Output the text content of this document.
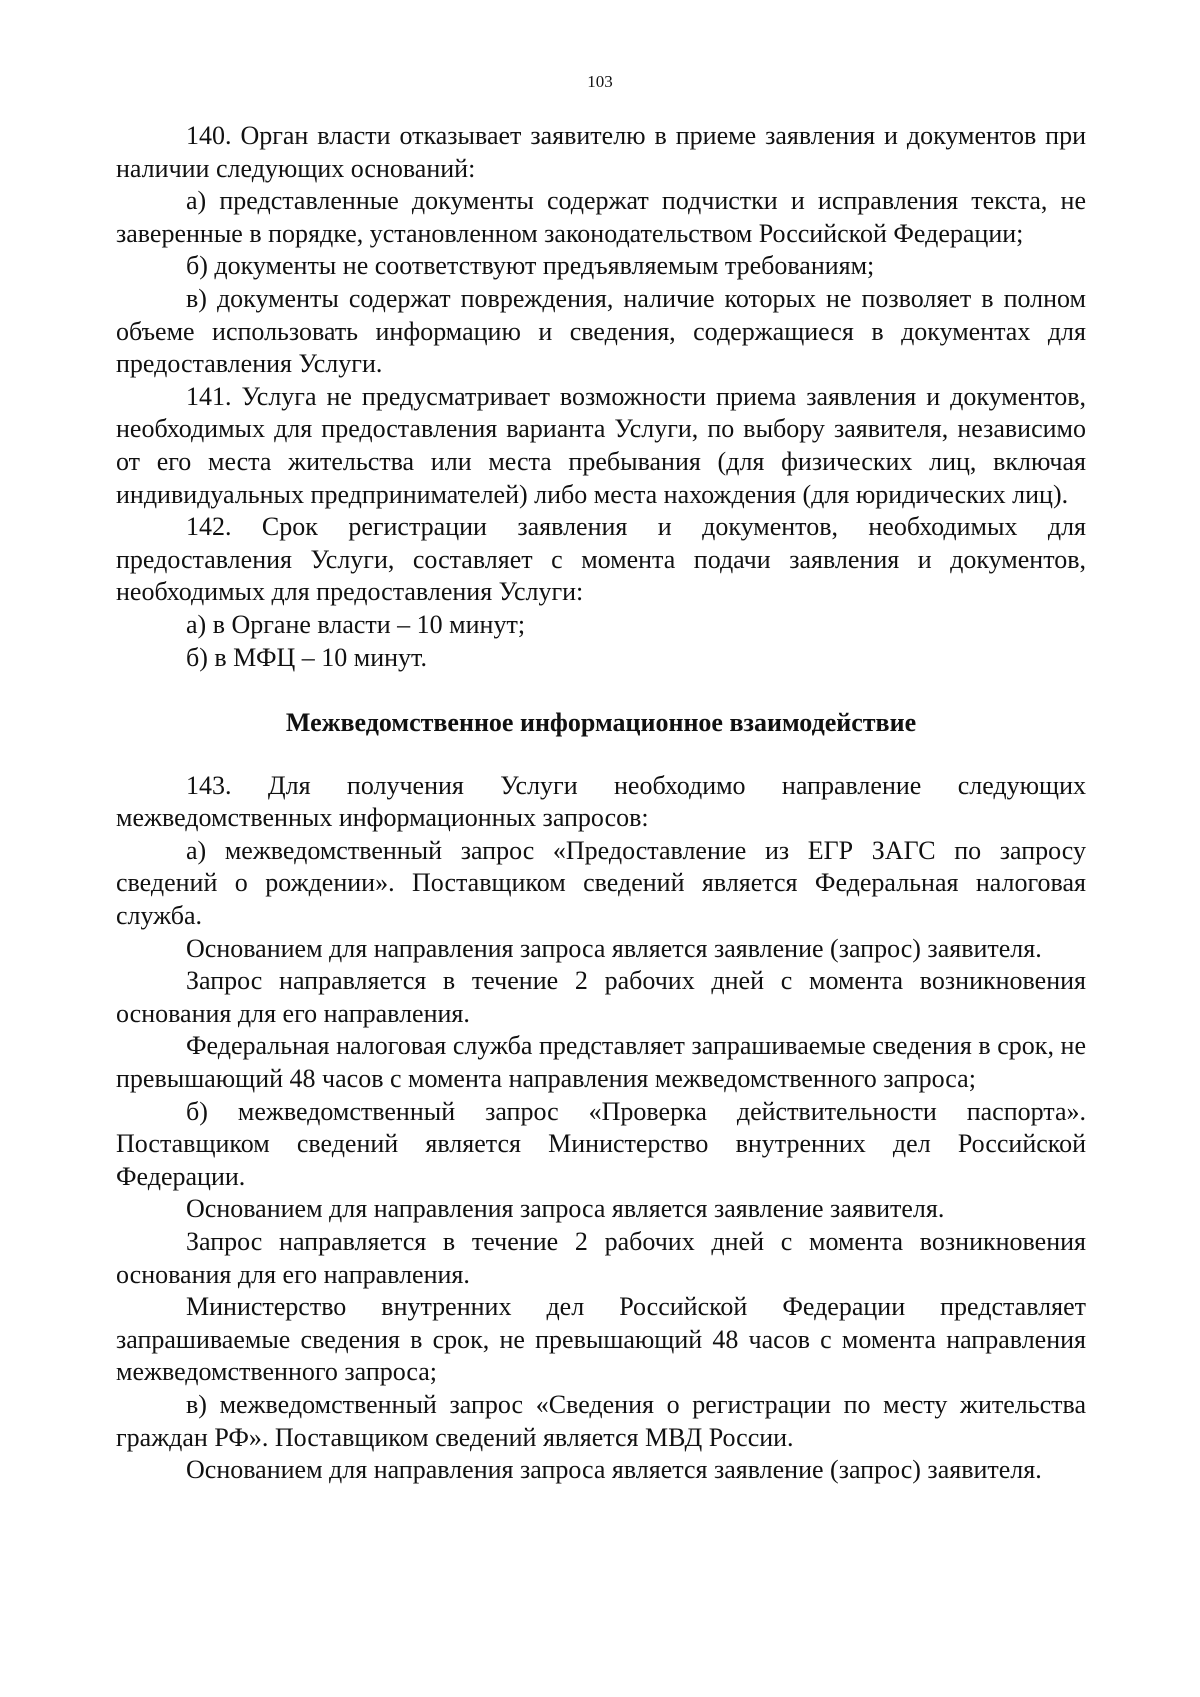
103

140. Орган власти отказывает заявителю в приеме заявления и документов при наличии следующих оснований:

а) представленные документы содержат подчистки и исправления текста, не заверенные в порядке, установленном законодательством Российской Федерации;

б) документы не соответствуют предъявляемым требованиям;

в) документы содержат повреждения, наличие которых не позволяет в полном объеме использовать информацию и сведения, содержащиеся в документах для предоставления Услуги.

141. Услуга не предусматривает возможности приема заявления и документов, необходимых для предоставления варианта Услуги, по выбору заявителя, независимо от его места жительства или места пребывания (для физических лиц, включая индивидуальных предпринимателей) либо места нахождения (для юридических лиц).

142. Срок регистрации заявления и документов, необходимых для предоставления Услуги, составляет с момента подачи заявления и документов, необходимых для предоставления Услуги:

а) в Органе власти – 10 минут;

б) в МФЦ – 10 минут.

Межведомственное информационное взаимодействие

143. Для получения Услуги необходимо направление следующих межведомственных информационных запросов:

а) межведомственный запрос «Предоставление из ЕГР ЗАГС по запросу сведений о рождении». Поставщиком сведений является Федеральная налоговая служба.

Основанием для направления запроса является заявление (запрос) заявителя.

Запрос направляется в течение 2 рабочих дней с момента возникновения основания для его направления.

Федеральная налоговая служба представляет запрашиваемые сведения в срок, не превышающий 48 часов с момента направления межведомственного запроса;

б) межведомственный запрос «Проверка действительности паспорта». Поставщиком сведений является Министерство внутренних дел Российской Федерации.

Основанием для направления запроса является заявление заявителя.

Запрос направляется в течение 2 рабочих дней с момента возникновения основания для его направления.

Министерство внутренних дел Российской Федерации представляет запрашиваемые сведения в срок, не превышающий 48 часов с момента направления межведомственного запроса;

в) межведомственный запрос «Сведения о регистрации по месту жительства граждан РФ». Поставщиком сведений является МВД России.

Основанием для направления запроса является заявление (запрос) заявителя.
